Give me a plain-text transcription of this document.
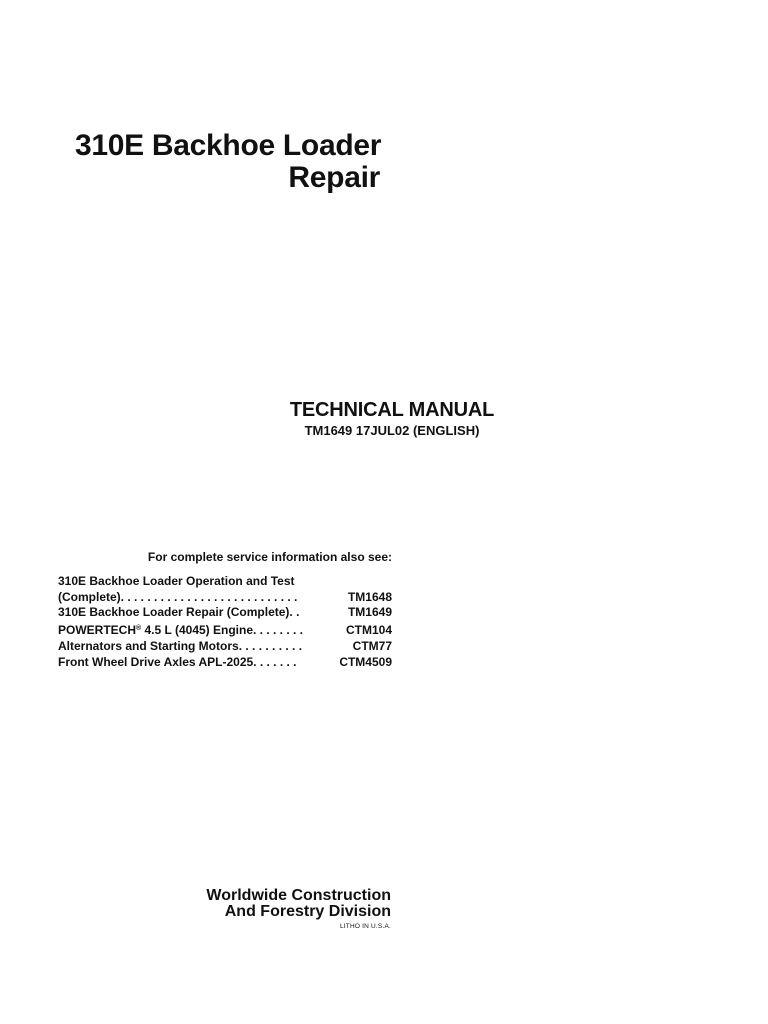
310E Backhoe Loader
Repair
TECHNICAL MANUAL
TM1649 17JUL02 (ENGLISH)
For complete service information also see:
310E Backhoe Loader Operation and Test
(Complete) . . . . . . . . . . . . . . . . . . . . . . . . . . .	TM1648
310E Backhoe Loader Repair (Complete) . .	TM1649
POWERTECH® 4.5 L (4045) Engine . . . . . . . .	CTM104
Alternators and Starting Motors . . . . . . . . . .	CTM77
Front Wheel Drive Axles APL-2025 . . . . . . .	CTM4509
Worldwide Construction
And Forestry Division
LITHO IN U.S.A.
